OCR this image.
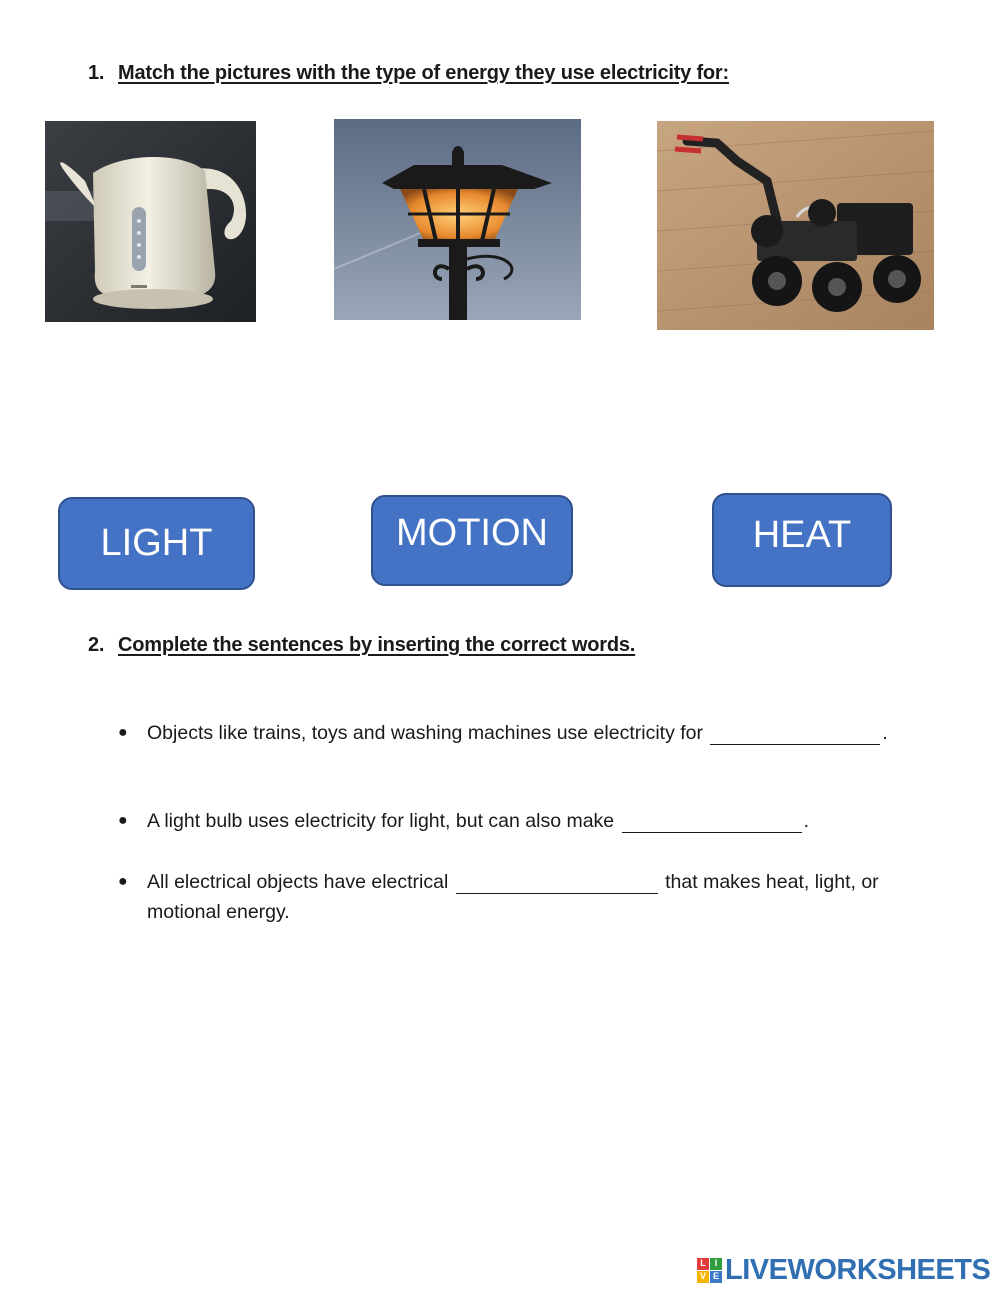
1. Match the pictures with the type of energy they use electricity for:
LIGHT	MOTION	HEAT
2. Complete the sentences by inserting the correct words.
● Objects like trains, toys and washing machines use electricity for	.
● A light bulb uses electricity for light, but can also make	.
● All electrical objects have electrical	that makes heat, light, or motional energy.
L I
V E LIVEWORKSHEETS
